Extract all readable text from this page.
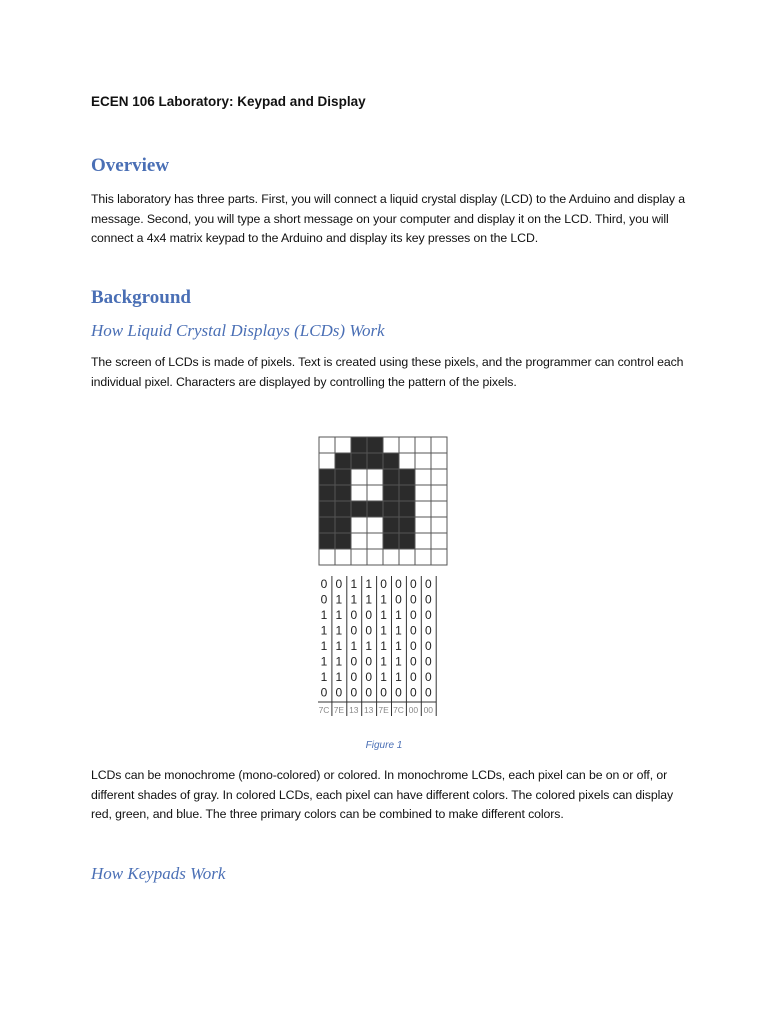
ECEN 106 Laboratory: Keypad and Display

Overview

This laboratory has three parts. First, you will connect a liquid crystal display (LCD) to the Arduino and display a message. Second, you will type a short message on your computer and display it on the LCD. Third, you will connect a 4x4 matrix keypad to the Arduino and display its key presses on the LCD.

Background
How Liquid Crystal Displays (LCDs) Work

The screen of LCDs is made of pixels. Text is created using these pixels, and the programmer can control each individual pixel. Characters are displayed by controlling the pattern of the pixels.

0 0 1 1 0 0 0 0
0 1 1 1 1 0 0 0
1 1 0 0 1 1 0 0
1 1 0 0 1 1 0 0
1 1 1 1 1 1 0 0
1 1 0 0 1 1 0 0
1 1 0 0 1 1 0 0
0 0 0 0 0 0 0 0
7C 7E 13 13 7E 7C 00 00

Figure 1

LCDs can be monochrome (mono-colored) or colored. In monochrome LCDs, each pixel can be on or off, or different shades of gray. In colored LCDs, each pixel can have different colors. The colored pixels can display red, green, and blue. The three primary colors can be combined to make different colors.

How Keypads Work
